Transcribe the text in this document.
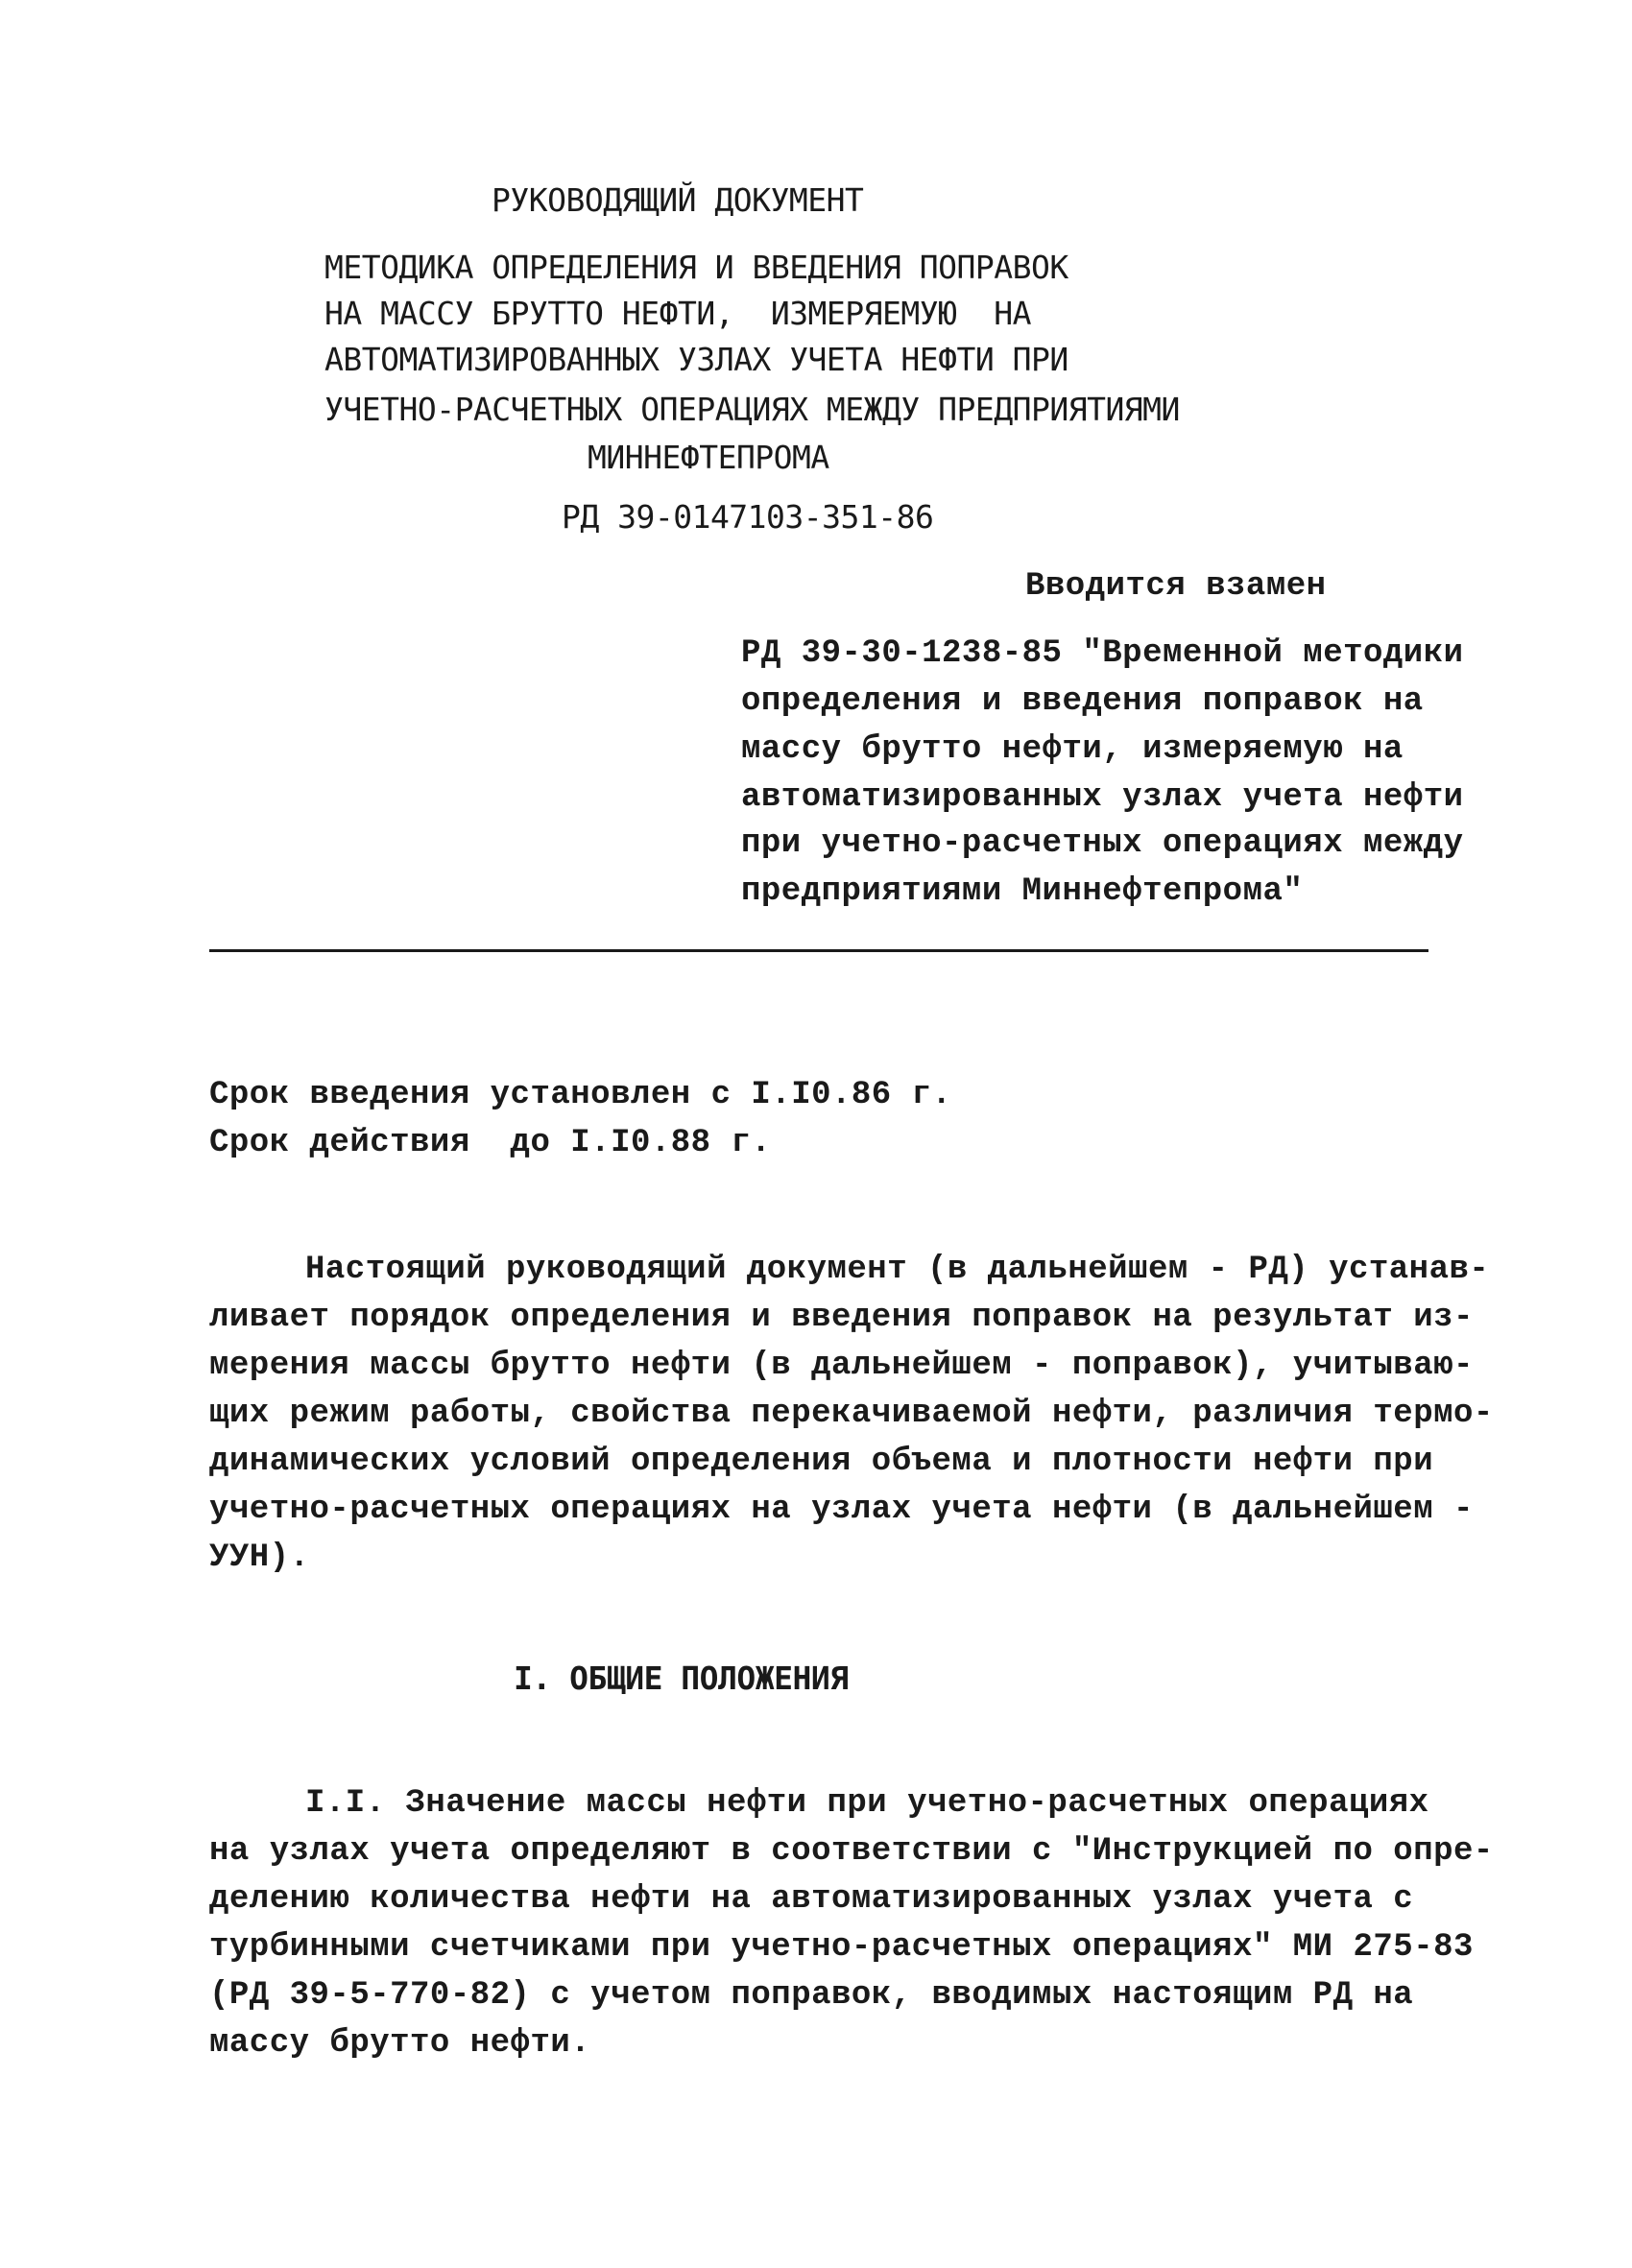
РУКОВОДЯЩИЙ ДОКУМЕНТ
МЕТОДИКА ОПРЕДЕЛЕНИЯ И ВВЕДЕНИЯ ПОПРАВОК
НА МАССУ БРУТТО НЕФТИ,  ИЗМЕРЯЕМУЮ  НА
АВТОМАТИЗИРОВАННЫХ УЗЛАХ УЧЕТА НЕФТИ ПРИ
УЧЕТНО-РАСЧЕТНЫХ ОПЕРАЦИЯХ МЕЖДУ ПРЕДПРИЯТИЯМИ
МИННЕФТЕПРОМА
РД 39-0147103-351-86
Вводится взамен
РД 39-30-1238-85 "Временной методики
определения и введения поправок на
массу брутто нефти, измеряемую на
автоматизированных узлах учета нефти
при учетно-расчетных операциях между
предприятиями Миннефтепрома"
Срок введения установлен с I.I0.86 г.
Срок действия  до I.I0.88 г.
Настоящий руководящий документ (в дальнейшем - РД) устанав-
ливает порядок определения и введения поправок на результат из-
мерения массы брутто нефти (в дальнейшем - поправок), учитываю-
щих режим работы, свойства перекачиваемой нефти, различия термо-
динамических условий определения объема и плотности нефти при
учетно-расчетных операциях на узлах учета нефти (в дальнейшем -
УУН).
I. ОБЩИЕ ПОЛОЖЕНИЯ
I.I. Значение массы нефти при учетно-расчетных операциях
на узлах учета определяют в соответствии с "Инструкцией по опре-
делению количества нефти на автоматизированных узлах учета с
турбинными счетчиками при учетно-расчетных операциях" МИ 275-83
(РД 39-5-770-82) с учетом поправок, вводимых настоящим РД на
массу брутто нефти.
